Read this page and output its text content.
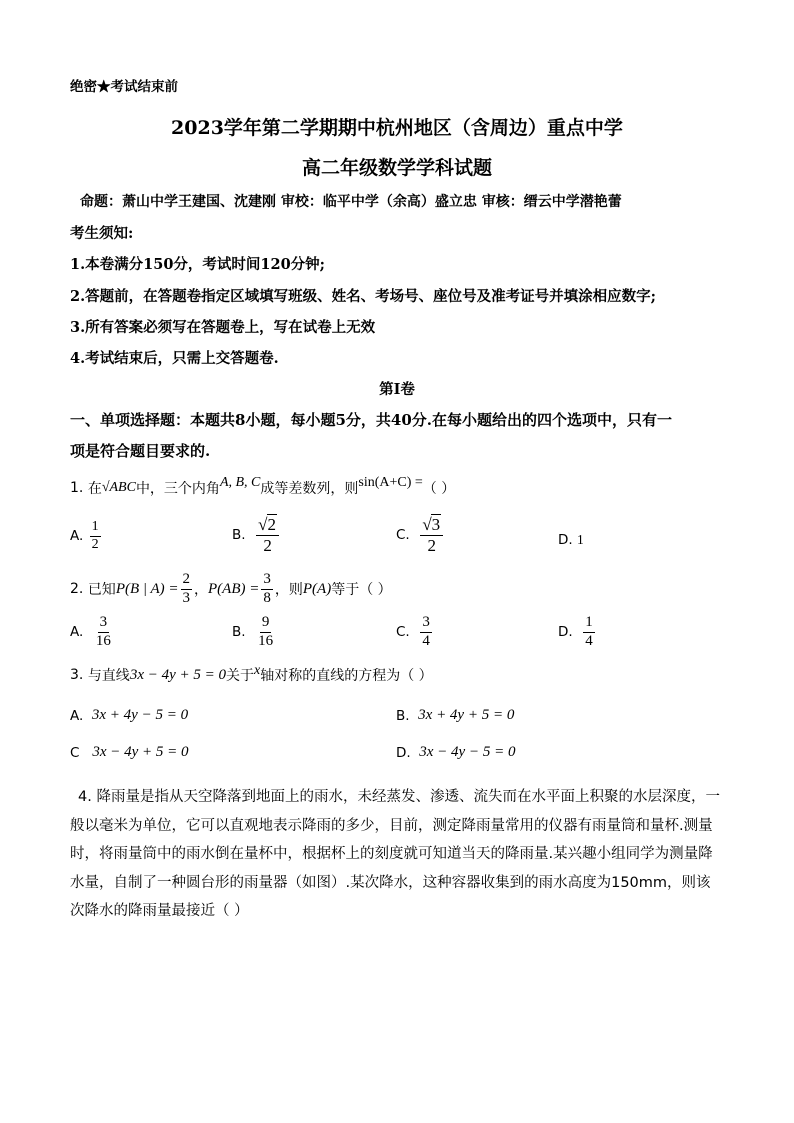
绝密★考试结束前
2023学年第二学期期中杭州地区（含周边）重点中学
高二年级数学学科试题
命题：萧山中学王建国、沈建刚 审校：临平中学（余高）盛立忠 审核：缙云中学潜艳蕾
考生须知:
1.本卷满分150分，考试时间120分钟;
2.答题前，在答题卷指定区域填写班级、姓名、考场号、座位号及准考证号并填涂相应数字;
3.所有答案必须写在答题卷上，写在试卷上无效
4.考试结束后，只需上交答题卷.
第I卷
一、单项选择题：本题共8小题，每小题5分，共40分.在每小题给出的四个选项中，只有一
项是符合题目要求的.
1.
在 √ABC 中，三个内角 A, B, C 成等差数列，则 sin(A+C) = （ ）
A.
$\frac{1}{2}$	B.
$\frac{√2}{2}$	C.
$\frac{√3}{2}$	D. 1
2.
已知 P(B | $A) = \frac{2}{3}$ ， $P(AB) = \frac{3}{8}$ ，则 P(A) 等于（ ）
A.
$\frac{3}{16}$	B.
$\frac{9}{16}$	C.
$\frac{3}{4}$	D.
$\frac{1}{4}$
3.
与直线 3x − 4y + 5 = 0 关于 x 轴对称的直线的方程为（ ）
A.
3x + 4y − 5 = 0	B.
3x + 4y + 5 = 0
C
3x − 4y + 5 = 0	D.
3x − 4y − 5 = 0
4. 降雨量是指从天空降落到地面上的雨水，未经蒸发、渗透、流失而在水平面上积聚的水层深度，一般以毫米为单位，它可以直观地表示降雨的多少，目前，测定降雨量常用的仪器有雨量筒和量杯.测量时，将雨量筒中的雨水倒在量杯中，根据杯上的刻度就可知道当天的降雨量.某兴趣小组同学为测量降水量，自制了一种圆台形的雨量器（如图）.某次降水，这种容器收集到的雨水高度为150mm，则该次降水的降雨量最接近（ ）
